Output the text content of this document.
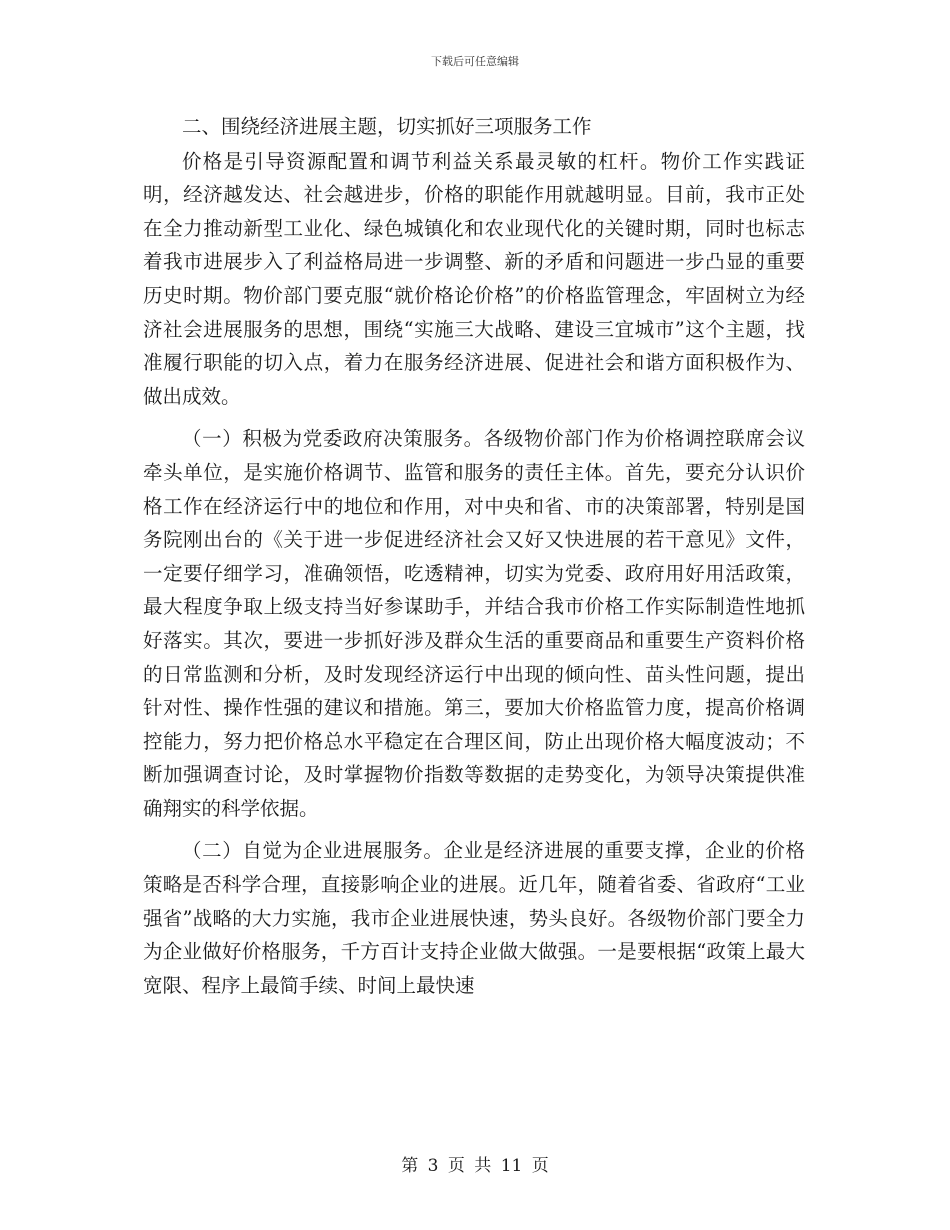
下载后可任意编辑

二、围绕经济进展主题，切实抓好三项服务工作

价格是引导资源配置和调节利益关系最灵敏的杠杆。物价工作实践证明，经济越发达、社会越进步，价格的职能作用就越明显。目前，我市正处在全力推动新型工业化、绿色城镇化和农业现代化的关键时期，同时也标志着我市进展步入了利益格局进一步调整、新的矛盾和问题进一步凸显的重要历史时期。物价部门要克服“就价格论价格”的价格监管理念，牢固树立为经济社会进展服务的思想，围绕“实施三大战略、建设三宜城市”这个主题，找准履行职能的切入点，着力在服务经济进展、促进社会和谐方面积极作为、做出成效。

（一）积极为党委政府决策服务。各级物价部门作为价格调控联席会议牵头单位，是实施价格调节、监管和服务的责任主体。首先，要充分认识价格工作在经济运行中的地位和作用，对中央和省、市的决策部署，特别是国务院刚出台的《关于进一步促进经济社会又好又快进展的若干意见》文件，一定要仔细学习，准确领悟，吃透精神，切实为党委、政府用好用活政策，最大程度争取上级支持当好参谋助手，并结合我市价格工作实际制造性地抓好落实。其次，要进一步抓好涉及群众生活的重要商品和重要生产资料价格的日常监测和分析，及时发现经济运行中出现的倾向性、苗头性问题，提出针对性、操作性强的建议和措施。第三，要加大价格监管力度，提高价格调控能力，努力把价格总水平稳定在合理区间，防止出现价格大幅度波动；不断加强调查讨论，及时掌握物价指数等数据的走势变化，为领导决策提供准确翔实的科学依据。

（二）自觉为企业进展服务。企业是经济进展的重要支撑，企业的价格策略是否科学合理，直接影响企业的进展。近几年，随着省委、省政府“工业强省”战略的大力实施，我市企业进展快速，势头良好。各级物价部门要全力为企业做好价格服务，千方百计支持企业做大做强。一是要根据“政策上最大宽限、程序上最简手续、时间上最快速

第 3 页 共 11 页
